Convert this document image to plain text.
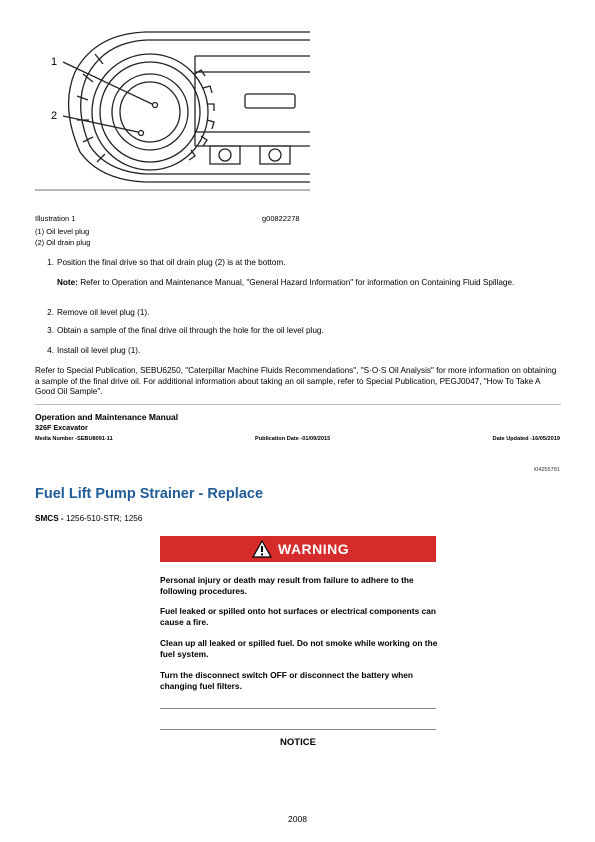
1
2
Illustration 1	g00822278
(1) Oil level plug
(2) Oil drain plug
1. Position the final drive so that oil drain plug (2) is at the bottom.
Note: Refer to Operation and Maintenance Manual, "General Hazard Information" for information on Containing Fluid Spillage.
2. Remove oil level plug (1).
3. Obtain a sample of the final drive oil through the hole for the oil level plug.
4. Install oil level plug (1).
Refer to Special Publication, SEBU6250, "Caterpillar Machine Fluids Recommendations", "S·O·S Oil Analysis" for more information on obtaining a sample of the final drive oil. For additional information about taking an oil sample, refer to Special Publication, PEGJ0047, "How To Take A Good Oil Sample".
Operation and Maintenance Manual
326F Excavator
Media Number -SEBU8091-11	Publication Date -01/09/2015	Date Updated -16/05/2019
i04255791
Fuel Lift Pump Strainer - Replace
SMCS - 1256-510-STR; 1256
WARNING
Personal injury or death may result from failure to adhere to the following procedures.
Fuel leaked or spilled onto hot surfaces or electrical components can cause a fire.
Clean up all leaked or spilled fuel. Do not smoke while working on the fuel system.
Turn the disconnect switch OFF or disconnect the battery when changing fuel filters.
NOTICE
2008
